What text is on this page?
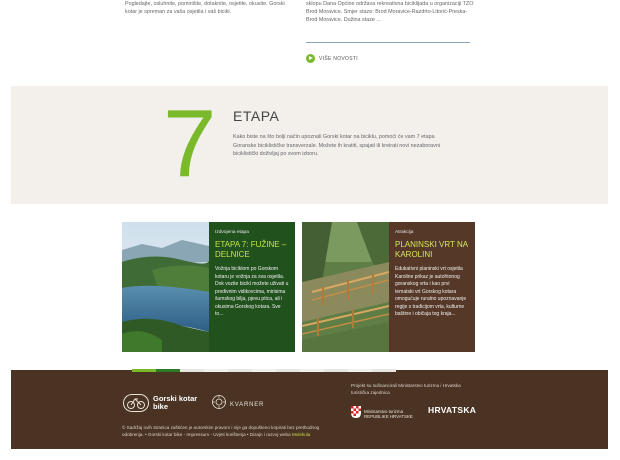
Pogledajte, osluhnite, pomirišite, dotaknite, osjetite, okusite. Gorski kotar je spreman za vaša osjetila i vaš bicikl.
sklopu Dana Općine održava rekreativna biciklijada u organizaciji TZO Brod Moravice. Smjer staze: Brod Moravice-Razdrto-Litorić-Preska-Brod Moravice. Dužina staze ...
VIŠE NOVOSTI
7 ETAPA
Kako biste na što bolji način upoznali Gorski kotar na biciklu, pomoći će vam 7 etapa Goranske biciklističke transverzale. Možete ih kratiti, spajati ili kreirati novi nezaboravni biciklistički doživljaj po svom izboru.
Izdvojena etapa
ETAPA 7: FUŽINE – DELNICE
Vožnja biciklom po Gorskom kotaru je vožnja za sva osjetila. Dok vozite bicikl možete uživati u predivnim vidikovcima, mirisima šumskog bilja, pjevu ptica, ali i okusima Gorskog kotara. Sve to...
Atrakcija
PLANINSKI VRT NA KAROLINI
Edukativni planinski vrt osjetila Karoline prikaz je autohtonog goranskog vrta i kao prvi tematski vrt Gorskog kotara omogućuje ruralno upoznavanje regije s tradicijom vrta, kulturne baštine i običaja tog kraja...
Gorski kotar
bike	KVARNER
© Sadržaj ovih stranica zaštićen je autorskim pravom i nije ga dopušteno kopirati bez prethodnog odobrenja. • Gorski kotar bike - Impressum - Uvjeti korištenja • Dizajn i razvoj weba Molekula
Projekt su sufinancirali Ministarstvo turizma i Hrvatska turistička zajednica
Ministarstvo turizma
REPUBLIKE HRVATSKE
HRVATSKA
